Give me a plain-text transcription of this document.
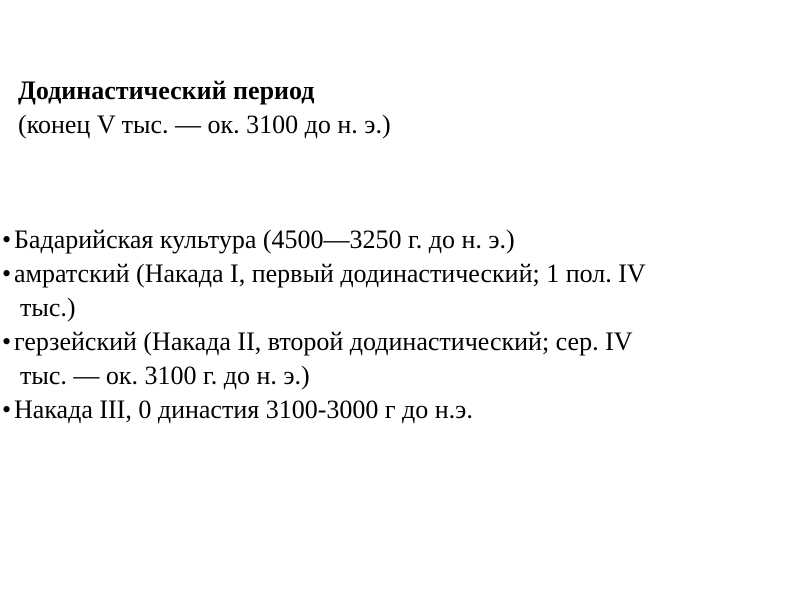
Додинастический период

(конец V тыс. — ок. 3100 до н. э.)

• Бадарийская культура (4500—3250 г. до н. э.)
• амратский (Накада I, первый додинастический; 1 пол. IV
тыс.)
• герзейский (Накада II, второй додинастический; сер. IV
тыс. — ок. 3100 г. до н. э.)
• Накада III, 0 династия 3100-3000 г до н.э.
